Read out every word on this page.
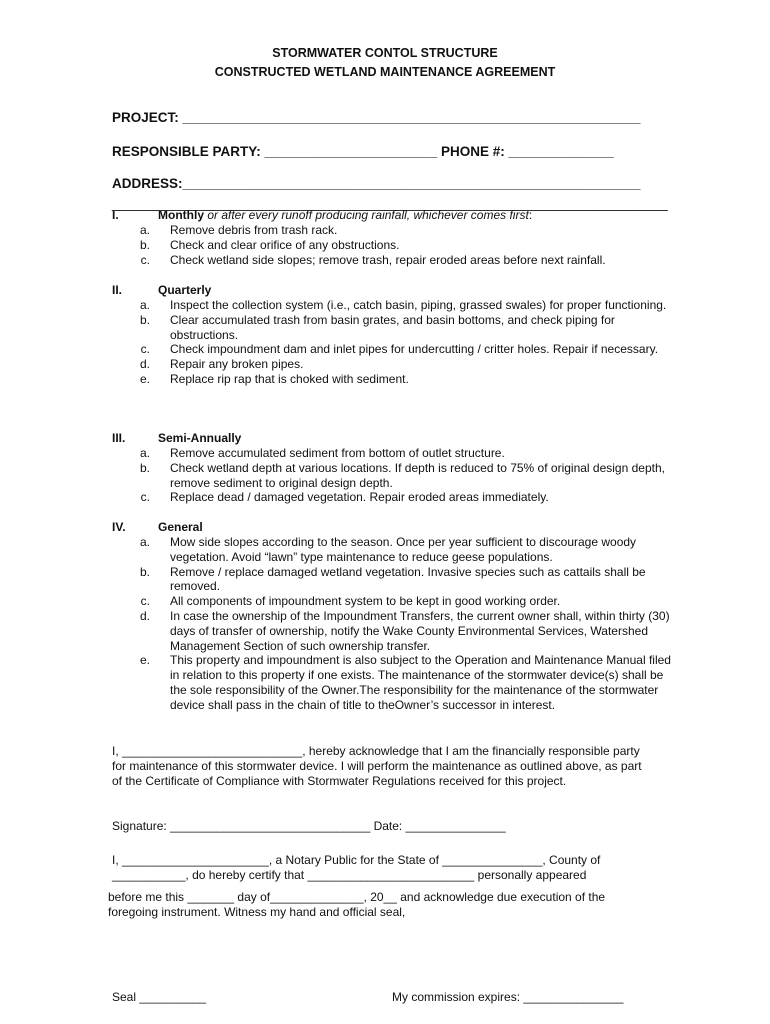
STORMWATER CONTOL STRUCTURE
CONSTRUCTED WETLAND MAINTENANCE AGREEMENT
PROJECT: _____________________________________________________________
RESPONSIBLE PARTY: _______________________ PHONE #: ______________
ADDRESS:_____________________________________________________________
__________________________________________________________________________
I.	Monthly or after every runoff producing rainfall, whichever comes first:
a. Remove debris from trash rack.
b. Check and clear orifice of any obstructions.
c. Check wetland side slopes; remove trash, repair eroded areas before next rainfall.
II.	Quarterly
a. Inspect the collection system (i.e., catch basin, piping, grassed swales) for proper functioning.
b. Clear accumulated trash from basin grates, and basin bottoms, and check piping for obstructions.
c. Check impoundment dam and inlet pipes for undercutting / critter holes. Repair if necessary.
d. Repair any broken pipes.
e. Replace rip rap that is choked with sediment.
III.	Semi-Annually
a. Remove accumulated sediment from bottom of outlet structure.
b. Check wetland depth at various locations. If depth is reduced to 75% of original design depth, remove sediment to original design depth.
c. Replace dead / damaged vegetation. Repair eroded areas immediately.
IV.	General
a. Mow side slopes according to the season. Once per year sufficient to discourage woody vegetation. Avoid “lawn” type maintenance to reduce geese populations.
b. Remove / replace damaged wetland vegetation. Invasive species such as cattails shall be removed.
c. All components of impoundment system to be kept in good working order.
d. In case the ownership of the Impoundment Transfers, the current owner shall, within thirty (30) days of transfer of ownership, notify the Wake County Environmental Services, Watershed Management Section of such ownership transfer.
e. This property and impoundment is also subject to the Operation and Maintenance Manual filed in relation to this property if one exists. The maintenance of the stormwater device(s) shall be the sole responsibility of the Owner.The responsibility for the maintenance of the stormwater device shall pass in the chain of title to theOwner’s successor in interest.
I, ___________________________, hereby acknowledge that I am the financially responsible party for maintenance of this stormwater device. I will perform the maintenance as outlined above, as part of the Certificate of Compliance with Stormwater Regulations received for this project.
Signature: ______________________________ Date: _______________
I, ______________________, a Notary Public for the State of _______________, County of ___________, do hereby certify that _________________________ personally appeared
before me this _______ day of______________, 20__ and acknowledge due execution of the foregoing instrument. Witness my hand and official seal,
Seal __________	My commission expires: _______________
